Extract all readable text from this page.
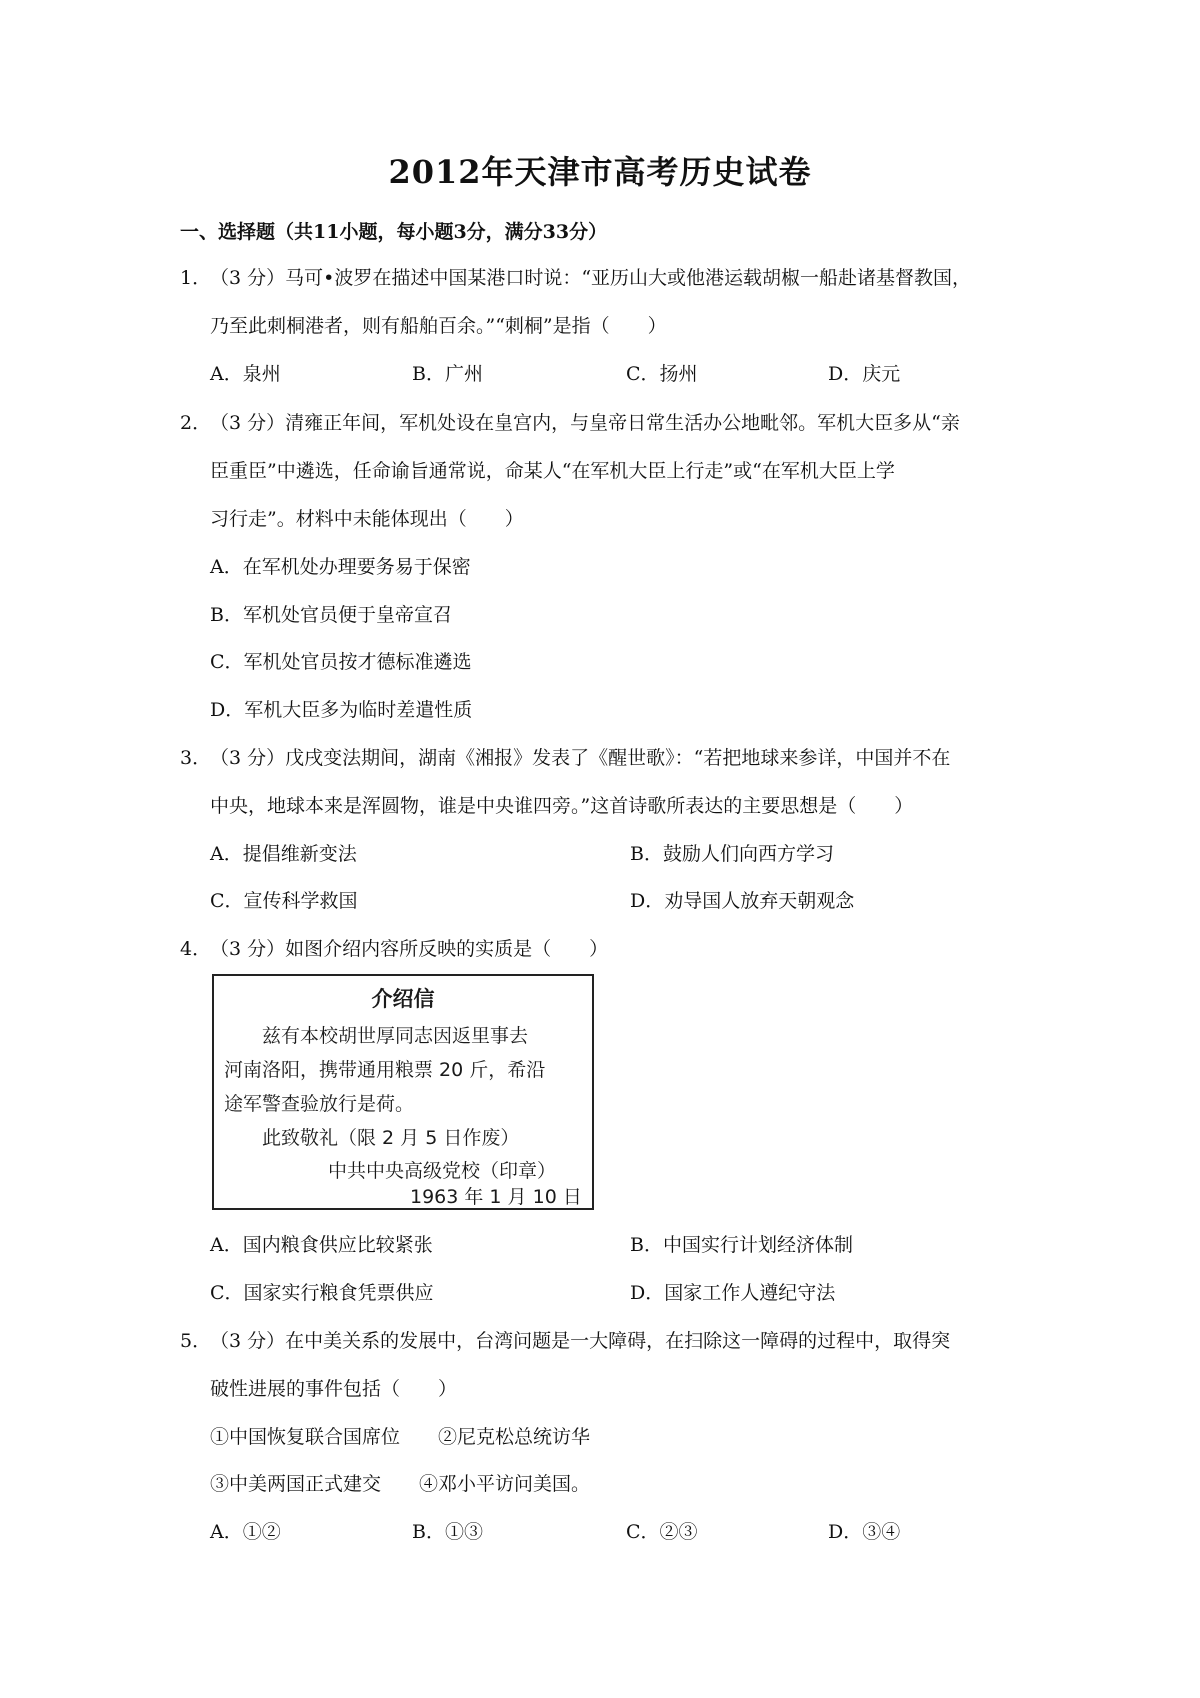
2012年天津市高考历史试卷
一、选择题（共11小题，每小题3分，满分33分）
1．
（3 分）马可•波罗在描述中国某港口时说：“亚历山大或他港运载胡椒一船赴诸基督教国，
乃至此刺桐港者，则有船舶百余。”“刺桐”是指（　　）
A．泉州	B．广州	C．扬州	D．庆元
2．
（3 分）清雍正年间，军机处设在皇宫内，与皇帝日常生活办公地毗邻。军机大臣多从“亲
臣重臣”中遴选，任命谕旨通常说，命某人“在军机大臣上行走”或“在军机大臣上学
习行走”。材料中未能体现出（　　）
A．在军机处办理要务易于保密
B．军机处官员便于皇帝宣召
C．军机处官员按才德标准遴选
D．军机大臣多为临时差遣性质
3．
（3 分）戊戌变法期间，湖南《湘报》发表了《醒世歌》：“若把地球来参详，中国并不在
中央，地球本来是浑圆物，谁是中央谁四旁。”这首诗歌所表达的主要思想是（　　）
A．提倡维新变法	B．鼓励人们向西方学习
C．宣传科学救国	D．劝导国人放弃天朝观念
4．
（3 分）如图介绍内容所反映的实质是（　　）
介绍信
兹有本校胡世厚同志因返里事去
河南洛阳，携带通用粮票 20 斤，希沿
途军警查验放行是荷。
此致敬礼（限 2 月 5 日作废）
中共中央高级党校（印章）
1963 年 1 月 10 日
A．国内粮食供应比较紧张	B．中国实行计划经济体制
C．国家实行粮食凭票供应	D．国家工作人遵纪守法
5．
（3 分）在中美关系的发展中，台湾问题是一大障碍，在扫除这一障碍的过程中，取得突
破性进展的事件包括（　　）
①中国恢复联合国席位　　②尼克松总统访华
③中美两国正式建交　　④邓小平访问美国。
A．①②	B．①③	C．②③	D．③④
